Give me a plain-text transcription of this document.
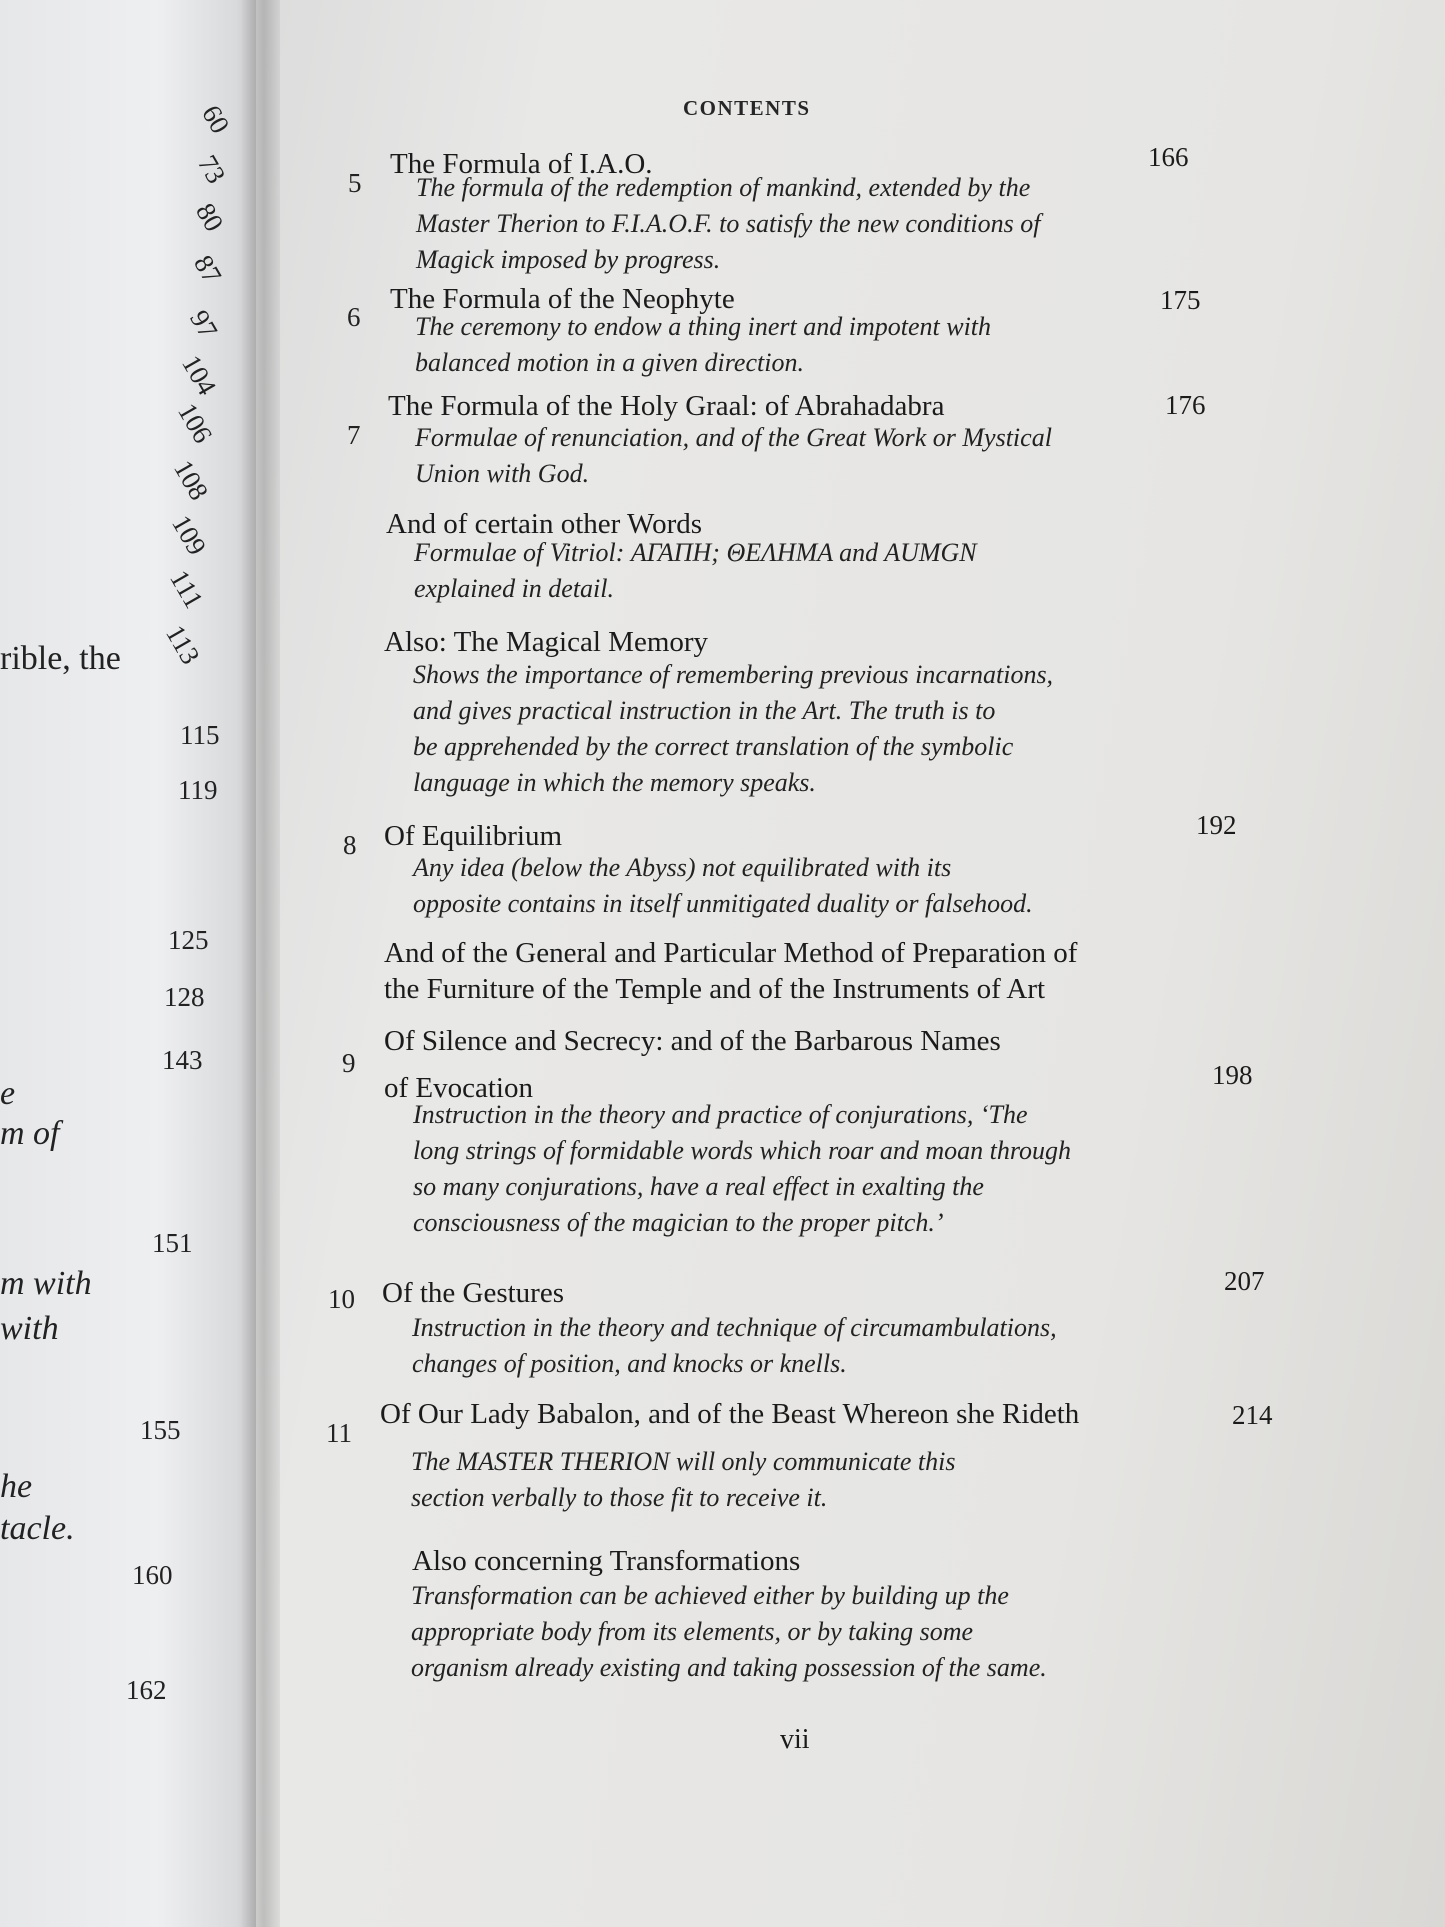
60
73
80
87
97
104
106
108
109
111
113
115
119
125
128
143
151
155
160
162
rible, the
e
m of
m with
with
he
tacle.
CONTENTS
5
The Formula of I.A.O.	166
The formula of the redemption of mankind, extended by the
Master Therion to F.I.A.O.F. to satisfy the new conditions of
Magick imposed by progress.
6
The Formula of the Neophyte	175
The ceremony to endow a thing inert and impotent with
balanced motion in a given direction.
7
The Formula of the Holy Graal: of Abrahadabra	176
Formulae of renunciation, and of the Great Work or Mystical
Union with God.
And of certain other Words
Formulae of Vitriol: ΑΓΑΠΗ; ΘΕΛΗΜΑ and AUMGN
explained in detail.
Also: The Magical Memory
Shows the importance of remembering previous incarnations,
and gives practical instruction in the Art. The truth is to
be apprehended by the correct translation of the symbolic
language in which the memory speaks.
8 Of Equilibrium	192
Any idea (below the Abyss) not equilibrated with its
opposite contains in itself unmitigated duality or falsehood.
And of the General and Particular Method of Preparation of
the Furniture of the Temple and of the Instruments of Art
9
Of Silence and Secrecy: and of the Barbarous Names
of Evocation	198
Instruction in the theory and practice of conjurations, ‘The
long strings of formidable words which roar and moan through
so many conjurations, have a real effect in exalting the
consciousness of the magician to the proper pitch.’
10 Of the Gestures	207
Instruction in the theory and technique of circumambulations,
changes of position, and knocks or knells.
11
Of Our Lady Babalon, and of the Beast Whereon she Rideth	214
The MASTER THERION will only communicate this
section verbally to those fit to receive it.
Also concerning Transformations
Transformation can be achieved either by building up the
appropriate body from its elements, or by taking some
organism already existing and taking possession of the same.
vii
